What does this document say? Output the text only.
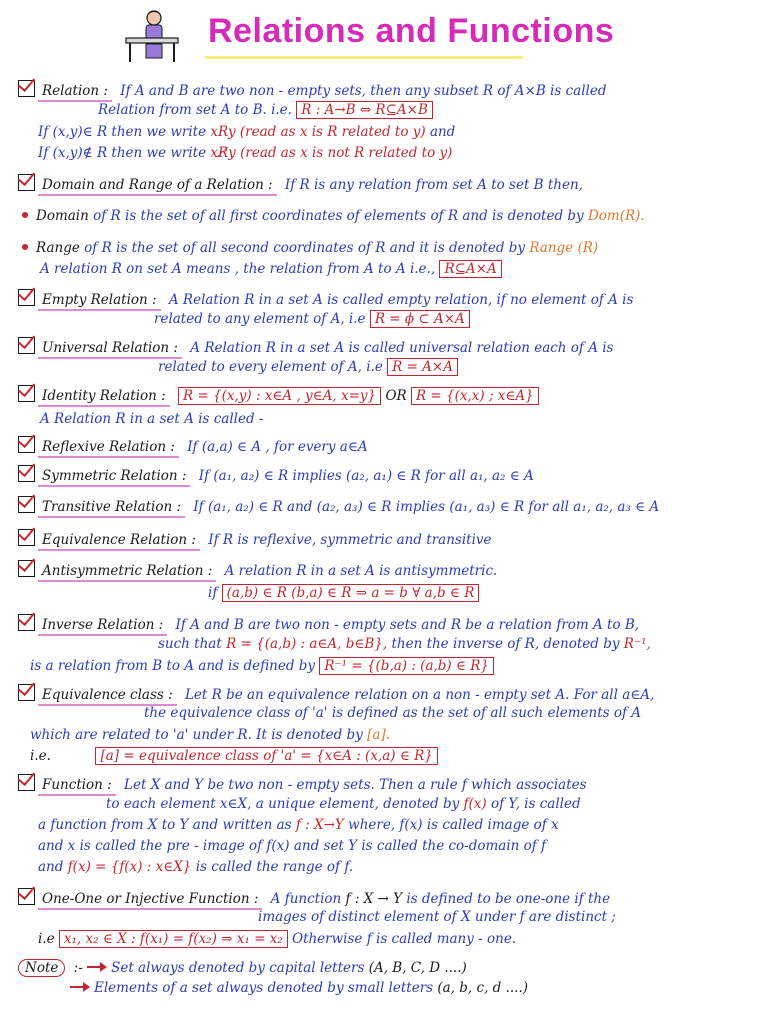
Relations and Functions
Relation : If A and B are two non - empty sets, then any subset R of A×B is called
Relation from set A to B. i.e. R : A→B ⇔ R⊆A×B
If (x,y)∈ R then we write xRy (read as x is R related to y) and
If (x,y)∉ R then we write xR̸y (read as x is not R related to y)
Domain and Range of a Relation : If R is any relation from set A to set B then,
Domain of R is the set of all first coordinates of elements of R and is denoted by Dom(R).
Range of R is the set of all second coordinates of R and it is denoted by Range (R)
A relation R on set A means , the relation from A to A i.e., R⊆A×A
Empty Relation : A Relation R in a set A is called empty relation, if no element of A is
related to any element of A, i.e R = ϕ ⊂ A×A
Universal Relation : A Relation R in a set A is called universal relation each of A is
related to every element of A, i.e R = A×A
Identity Relation : R = {(x,y) : x∈A , y∈A, x=y} OR R = {(x,x) ; x∈A}
A Relation R in a set A is called -
Reflexive Relation : If (a,a) ∈ A , for every a∈A
Symmetric Relation : If (a₁, a₂) ∈ R implies (a₂, a₁) ∈ R for all a₁, a₂ ∈ A
Transitive Relation : If (a₁, a₂) ∈ R and (a₂, a₃) ∈ R implies (a₁, a₃) ∈ R for all a₁, a₂, a₃ ∈ A
Equivalence Relation : If R is reflexive, symmetric and transitive
Antisymmetric Relation : A relation R in a set A is antisymmetric.
if (a,b) ∈ R (b,a) ∈ R ⇒ a = b ∀ a,b ∈ R
Inverse Relation : If A and B are two non - empty sets and R be a relation from A to B,
such that R = {(a,b) : a∈A, b∈B}, then the inverse of R, denoted by R⁻¹,
is a relation from B to A and is defined by R⁻¹ = {(b,a) : (a,b) ∈ R}
Equivalence class : Let R be an equivalence relation on a non - empty set A. For all a∈A,
the equivalence class of 'a' is defined as the set of all such elements of A
which are related to 'a' under R. It is denoted by [a].
i.e.	[a] = equivalence class of 'a' = {x∈A : (x,a) ∈ R}
Function : Let X and Y be two non - empty sets. Then a rule f which associates
to each element x∈X, a unique element, denoted by f(x) of Y, is called
a function from X to Y and written as f : X→Y where, f(x) is called image of x
and x is called the pre - image of f(x) and set Y is called the co-domain of f
and f(x) = {f(x) : x∈X} is called the range of f.
One-One or Injective Function : A function f : X → Y is defined to be one-one if the
images of distinct element of X under f are distinct ;
i.e x₁, x₂ ∈ X : f(x₁) = f(x₂) ⇒ x₁ = x₂ Otherwise f is called many - one.
Note :- Set always denoted by capital letters (A, B, C, D ....)
Elements of a set always denoted by small letters (a, b, c, d ....)
